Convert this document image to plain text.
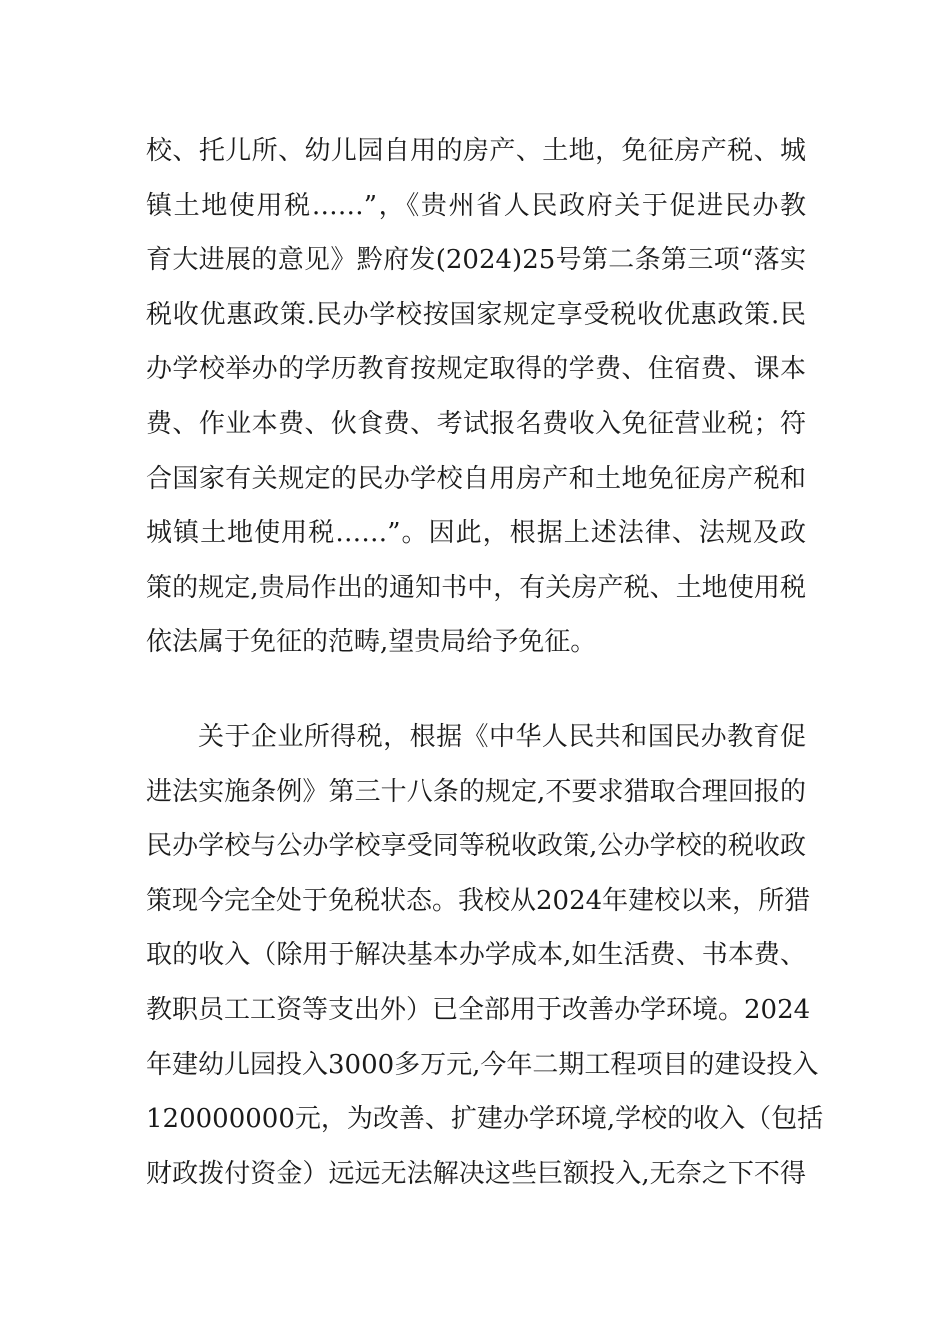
校、托儿所、幼儿园自用的房产、土地，免征房产税、城
镇土地使用税……”，《贵州省人民政府关于促进民办教
育大进展的意见》黔府发(2024)25号第二条第三项“落实
税收优惠政策.民办学校按国家规定享受税收优惠政策.民
办学校举办的学历教育按规定取得的学费、住宿费、课本
费、作业本费、伙食费、考试报名费收入免征营业税；符
合国家有关规定的民办学校自用房产和土地免征房产税和
城镇土地使用税……”。因此，根据上述法律、法规及政
策的规定,贵局作出的通知书中，有关房产税、土地使用税
依法属于免征的范畴,望贵局给予免征。
关于企业所得税，根据《中华人民共和国民办教育促
进法实施条例》第三十八条的规定,不要求猎取合理回报的
民办学校与公办学校享受同等税收政策,公办学校的税收政
策现今完全处于免税状态。我校从2024年建校以来，所猎
取的收入（除用于解决基本办学成本,如生活费、书本费、
教职员工工资等支出外）已全部用于改善办学环境。2024
年建幼儿园投入3000多万元,今年二期工程项目的建设投入
120000000元，为改善、扩建办学环境,学校的收入（包括
财政拨付资金）远远无法解决这些巨额投入,无奈之下不得
